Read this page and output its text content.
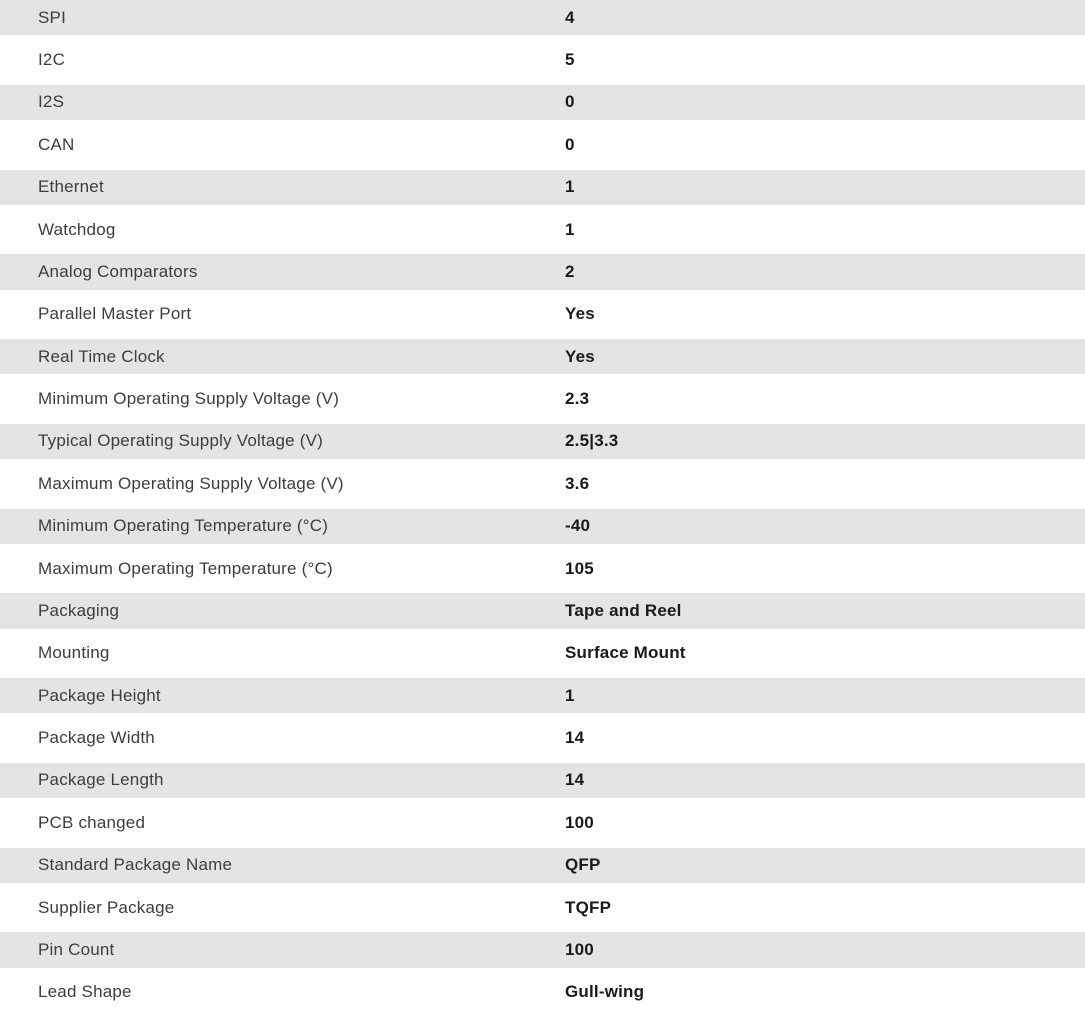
SPI	4
I2C	5
I2S	0
CAN	0
Ethernet	1
Watchdog	1
Analog Comparators	2
Parallel Master Port	Yes
Real Time Clock	Yes
Minimum Operating Supply Voltage (V)	2.3
Typical Operating Supply Voltage (V)	2.5|3.3
Maximum Operating Supply Voltage (V)	3.6
Minimum Operating Temperature (°C)	-40
Maximum Operating Temperature (°C)	105
Packaging	Tape and Reel
Mounting	Surface Mount
Package Height	1
Package Width	14
Package Length	14
PCB changed	100
Standard Package Name	QFP
Supplier Package	TQFP
Pin Count	100
Lead Shape	Gull-wing
